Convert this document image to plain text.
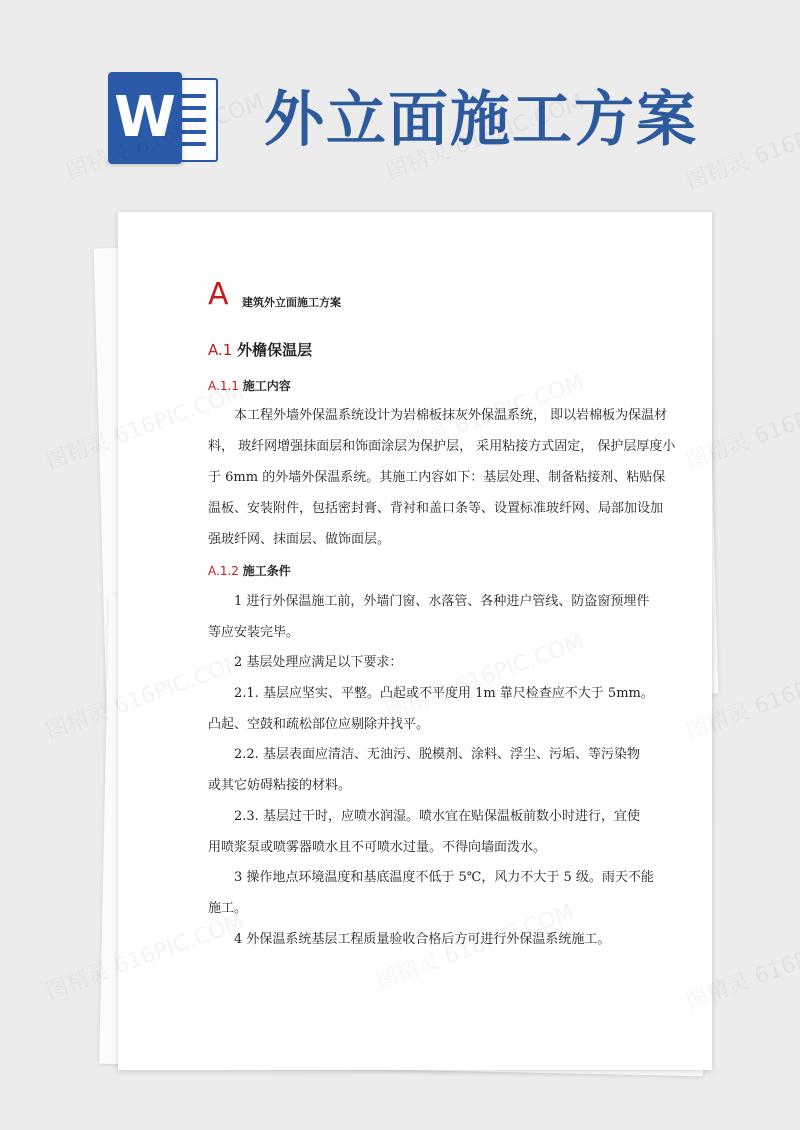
W 外立面施工方案
A 建筑外立面施工方案
A.1 外檐保温层
A.1.1 施工内容
本工程外墙外保温系统设计为岩棉板抹灰外保温系统， 即以岩棉板为保温材
料， 玻纤网增强抹面层和饰面涂层为保护层， 采用粘接方式固定， 保护层厚度小
于 6mm 的外墙外保温系统。其施工内容如下：基层处理、制备粘接剂、粘贴保
温板、安装附件，包括密封膏、背衬和盖口条等、设置标准玻纤网、局部加设加
强玻纤网、抹面层、做饰面层。
A.1.2 施工条件
1 进行外保温施工前，外墙门窗、水落管、各种进户管线、防盗窗预埋件
等应安装完毕。
2 基层处理应满足以下要求：
2.1. 基层应坚实、平整。凸起或不平度用 1m 靠尺检查应不大于 5mm。
凸起、空鼓和疏松部位应剔除并找平。
2.2. 基层表面应清洁、无油污、脱模剂、涂料、浮尘、污垢、等污染物
或其它妨碍粘接的材料。
2.3. 基层过干时，应喷水润湿。喷水宜在贴保温板前数小时进行，宜使
用喷浆泵或喷雾器喷水且不可喷水过量。不得向墙面泼水。
3 操作地点环境温度和基底温度不低于 5℃，风力不大于 5 级。雨天不能
施工。
4 外保温系统基层工程质量验收合格后方可进行外保温系统施工。
